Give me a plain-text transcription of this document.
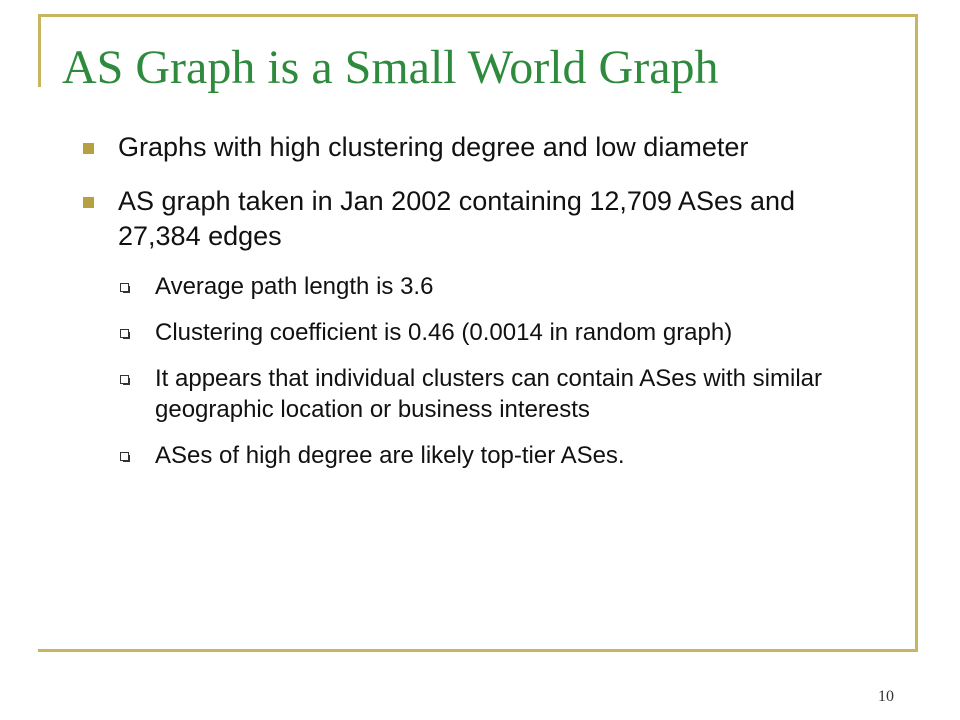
AS Graph is a Small World Graph
Graphs with high clustering degree and low diameter
AS graph taken in Jan 2002 containing 12,709 ASes and 27,384 edges
Average path length is 3.6
Clustering coefficient is 0.46 (0.0014 in random graph)
It appears that individual clusters can contain ASes with similar geographic location or business interests
ASes of high degree are likely top-tier ASes.
10
